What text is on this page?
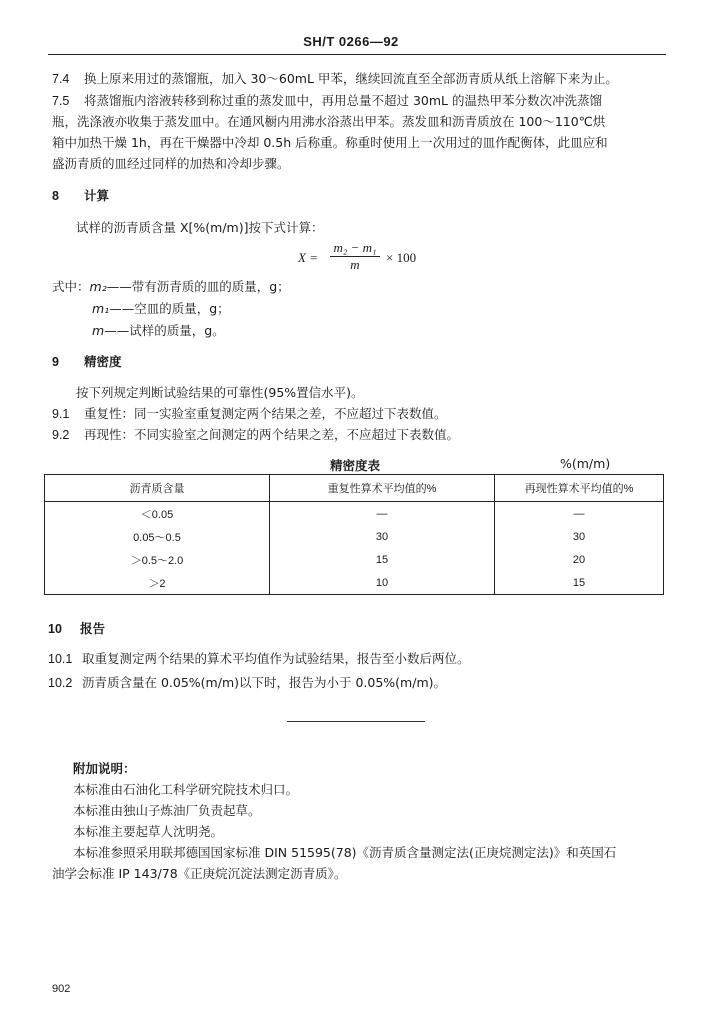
SH/T 0266—92
7.4 换上原来用过的蒸馏瓶，加入 30～60mL 甲苯，继续回流直至全部沥青质从纸上溶解下来为止。
7.5 将蒸馏瓶内溶液转移到称过重的蒸发皿中，再用总量不超过 30mL 的温热甲苯分数次冲洗蒸馏
瓶，洗涤液亦收集于蒸发皿中。在通风橱内用沸水浴蒸出甲苯。蒸发皿和沥青质放在 100～110℃烘
箱中加热干燥 1h，再在干燥器中冷却 0.5h 后称重。称重时使用上一次用过的皿作配衡体，此皿应和
盛沥青质的皿经过同样的加热和冷却步骤。
8 计算
试样的沥青质含量 X[%(m/m)]按下式计算：
$X = \frac{\text{m₂ − m₁}}{m} \times 100$
式中：m₂——带有沥青质的皿的质量，g；
m₁——空皿的质量，g；
m——试样的质量，g。
9 精密度
按下列规定判断试验结果的可靠性(95%置信水平)。
9.1 重复性：同一实验室重复测定两个结果之差，不应超过下表数值。
9.2 再现性：不同实验室之间测定的两个结果之差，不应超过下表数值。
精密度表	%(m/m)
沥青质含量	重复性算术平均值的%	再现性算术平均值的%
＜0.05	—	—
0.05～0.5	30	30
＞0.5～2.0	15	20
＞2	10	15
10 报告
10.1 取重复测定两个结果的算术平均值作为试验结果，报告至小数后两位。
10.2 沥青质含量在 0.05%(m/m)以下时，报告为小于 0.05%(m/m)。
附加说明：
本标准由石油化工科学研究院技术归口。
本标准由独山子炼油厂负责起草。
本标准主要起草人沈明尧。
本标准参照采用联邦德国国家标准 DIN 51595(78)《沥青质含量测定法(正庚烷测定法)》和英国石
油学会标准 IP 143/78《正庚烷沉淀法测定沥青质》。
902
